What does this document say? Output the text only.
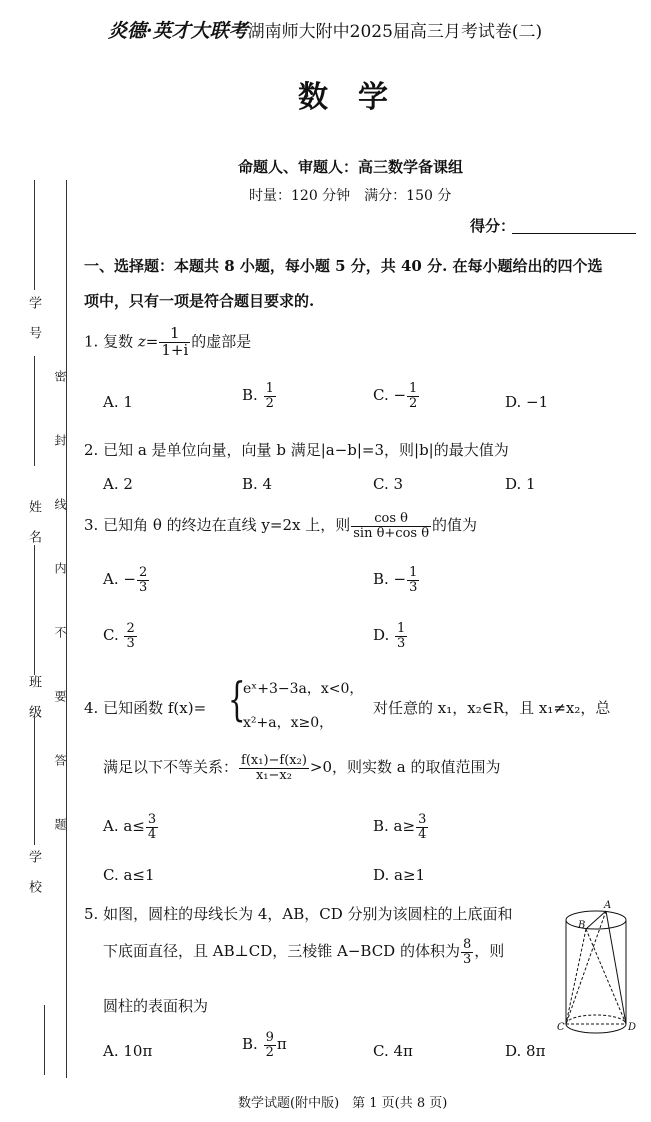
炎德·英才大联考湖南师大附中2025届高三月考试卷(二)
数　学
命题人、审题人：高三数学备课组
时量：120 分钟　满分：150 分
得分：
学　号
姓　名
班　级
学　校
密　封　线　内　不　要　答　题
一、选择题：本题共 8 小题，每小题 5 分，共 40 分. 在每小题给出的四个选
项中，只有一项是符合题目要求的.
1. 复数 $z= \frac{1}{1+i}$ 的虚部是
A. 1	B. $\frac{1}{2}$	C. − $\frac{1}{2}$	D. −1
2. 已知 a 是单位向量，向量 b 满足|a−b|=3，则|b|的最大值为
A. 2	B. 4	C. 3	D. 1
3. 已知角 θ 的终边在直线 y=2x 上，则 $\frac{\text{cos θ}}{\text{sin θ+cos θ}}$ 的值为
A. − $\frac{2}{3}$	B. − $\frac{1}{3}$
C. $\frac{2}{3}$	D. $\frac{1}{3}$
4. 已知函数 f(x)= {
eˣ+3−3a，x<0，
x²+a，x≥0，
对任意的 x₁，x₂∈R，且 x₁≠x₂，总
满足以下不等关系： $\frac{\text{f(x₁)−f(x₂)}}{\text{x₁−x₂}} >0$，则实数 a 的取值范围为
A. $a\le \frac{3}{4}$	B. $a\ge \frac{3}{4}$
C. a≤1	D. a≥1
5. 如图，圆柱的母线长为 4，AB，CD 分别为该圆柱的上底面和
下底面直径，且 AB⊥CD，三棱锥 A−BCD 的体积为 $\frac{8}{3}$ ，则
圆柱的表面积为
A. 10π	B. $\frac{9}{2}$ π	C. 4π	D. 8π
A
B
C	D
数学试题(附中版)　第 1 页(共 8 页)
